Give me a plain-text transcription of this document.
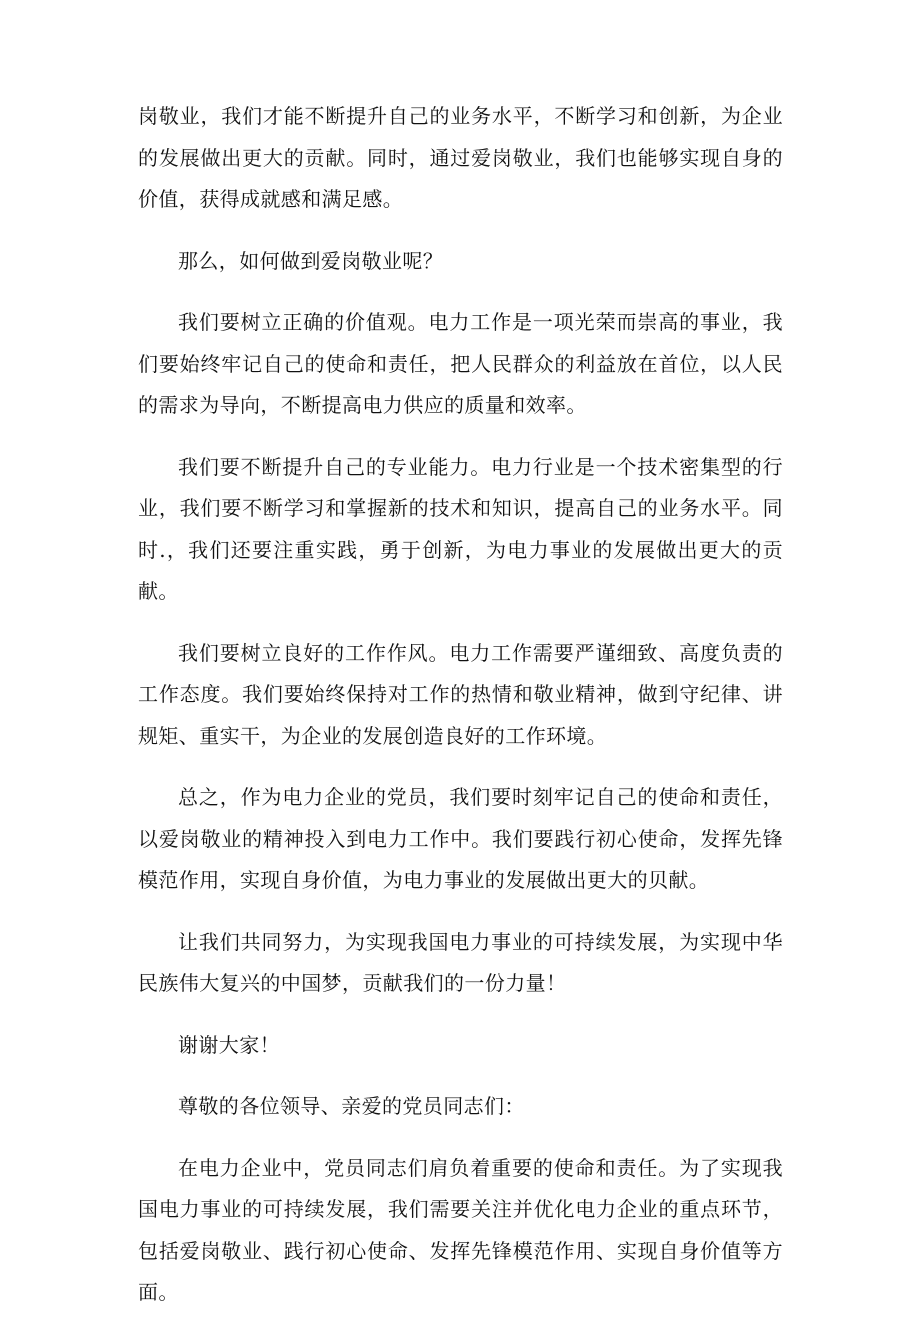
岗敬业，我们才能不断提升自己的业务水平，不断学习和创新，为企业的发展做出更大的贡献。同时，通过爱岗敬业，我们也能够实现自身的价值，获得成就感和满足感。

那么，如何做到爱岗敬业呢？

我们要树立正确的价值观。电力工作是一项光荣而崇高的事业，我们要始终牢记自己的使命和责任，把人民群众的利益放在首位，以人民的需求为导向，不断提高电力供应的质量和效率。

我们要不断提升自己的专业能力。电力行业是一个技术密集型的行业，我们要不断学习和掌握新的技术和知识，提高自己的业务水平。同时.，我们还要注重实践，勇于创新，为电力事业的发展做出更大的贡献。

我们要树立良好的工作作风。电力工作需要严谨细致、高度负责的工作态度。我们要始终保持对工作的热情和敬业精神，做到守纪律、讲规矩、重实干，为企业的发展创造良好的工作环境。

总之，作为电力企业的党员，我们要时刻牢记自己的使命和责任，以爱岗敬业的精神投入到电力工作中。我们要践行初心使命，发挥先锋模范作用，实现自身价值，为电力事业的发展做出更大的贝献。

让我们共同努力，为实现我国电力事业的可持续发展，为实现中华民族伟大复兴的中国梦，贡献我们的一份力量！

谢谢大家！

尊敬的各位领导、亲爱的党员同志们：

在电力企业中，党员同志们肩负着重要的使命和责任。为了实现我国电力事业的可持续发展，我们需要关注并优化电力企业的重点环节，包括爱岗敬业、践行初心使命、发挥先锋模范作用、实现自身价值等方面。
